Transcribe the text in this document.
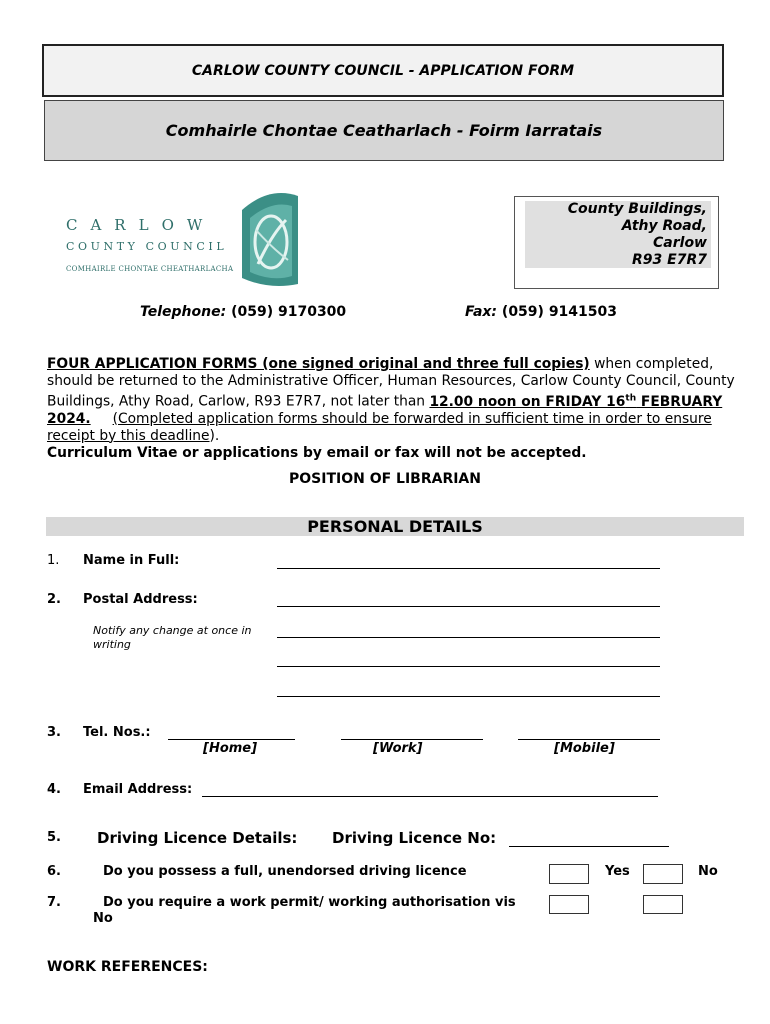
CARLOW COUNTY COUNCIL - APPLICATION FORM
Comhairle Chontae Ceatharlach - Foirm Iarratais
CARLOW
COUNTY COUNCIL
COMHAIRLE CHONTAE CHEATHARLACHA
County Buildings,
Athy Road,
Carlow
R93 E7R7
Telephone: (059) 9170300	Fax: (059) 9141503
FOUR APPLICATION FORMS (one signed original and three full copies) when completed, should be returned to the Administrative Officer, Human Resources, Carlow County Council, County Buildings, Athy Road, Carlow, R93 E7R7, not later than 12.00 noon on FRIDAY 16th FEBRUARY 2024. (Completed application forms should be forwarded in sufficient time in order to ensure receipt by this deadline).
Curriculum Vitae or applications by email or fax will not be accepted.
POSITION OF LIBRARIAN
PERSONAL DETAILS
1. Name in Full:
2. Postal Address:
Notify any change at once in writing
3. Tel. Nos.:
[Home]	[Work]	[Mobile]
4. Email Address:
5. Driving Licence Details: Driving Licence No:
6.	Do you possess a full, unendorsed driving licence	Yes	No
7.	Do you require a work permit/ working authorisation vis
No
WORK REFERENCES:
